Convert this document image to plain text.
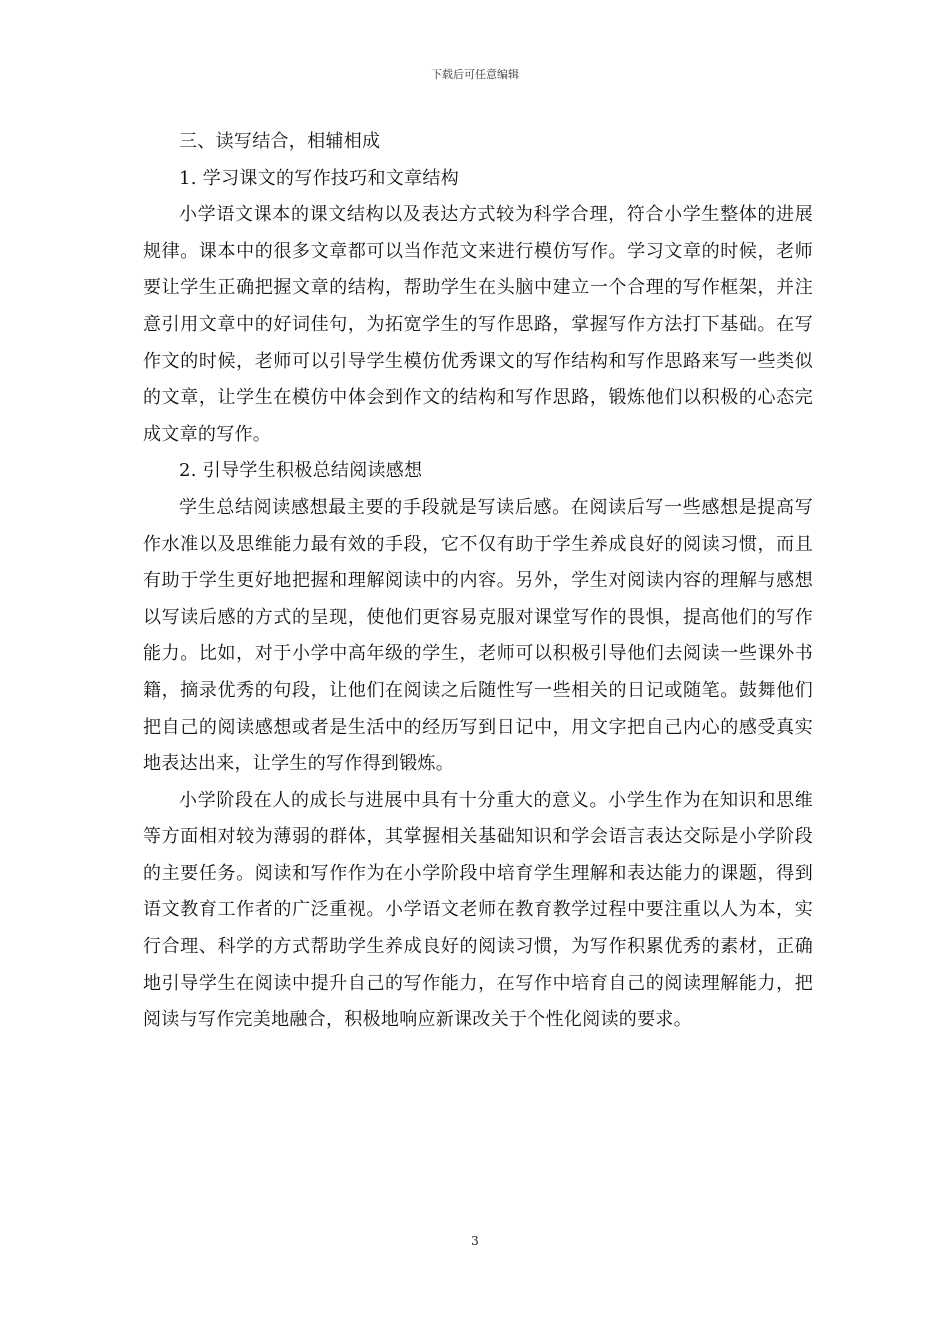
下载后可任意编辑

三、读写结合，相辅相成

1. 学习课文的写作技巧和文章结构

小学语文课本的课文结构以及表达方式较为科学合理，符合小学生整体的进展规律。课本中的很多文章都可以当作范文来进行模仿写作。学习文章的时候，老师要让学生正确把握文章的结构，帮助学生在头脑中建立一个合理的写作框架，并注意引用文章中的好词佳句，为拓宽学生的写作思路，掌握写作方法打下基础。在写作文的时候，老师可以引导学生模仿优秀课文的写作结构和写作思路来写一些类似的文章，让学生在模仿中体会到作文的结构和写作思路，锻炼他们以积极的心态完成文章的写作。

2. 引导学生积极总结阅读感想

学生总结阅读感想最主要的手段就是写读后感。在阅读后写一些感想是提高写作水准以及思维能力最有效的手段，它不仅有助于学生养成良好的阅读习惯，而且有助于学生更好地把握和理解阅读中的内容。另外，学生对阅读内容的理解与感想以写读后感的方式的呈现，使他们更容易克服对课堂写作的畏惧，提高他们的写作能力。比如，对于小学中高年级的学生，老师可以积极引导他们去阅读一些课外书籍，摘录优秀的句段，让他们在阅读之后随性写一些相关的日记或随笔。鼓舞他们把自己的阅读感想或者是生活中的经历写到日记中，用文字把自己内心的感受真实地表达出来，让学生的写作得到锻炼。

小学阶段在人的成长与进展中具有十分重大的意义。小学生作为在知识和思维等方面相对较为薄弱的群体，其掌握相关基础知识和学会语言表达交际是小学阶段的主要任务。阅读和写作作为在小学阶段中培育学生理解和表达能力的课题，得到语文教育工作者的广泛重视。小学语文老师在教育教学过程中要注重以人为本，实行合理、科学的方式帮助学生养成良好的阅读习惯，为写作积累优秀的素材，正确地引导学生在阅读中提升自己的写作能力，在写作中培育自己的阅读理解能力，把阅读与写作完美地融合，积极地响应新课改关于个性化阅读的要求。

3
